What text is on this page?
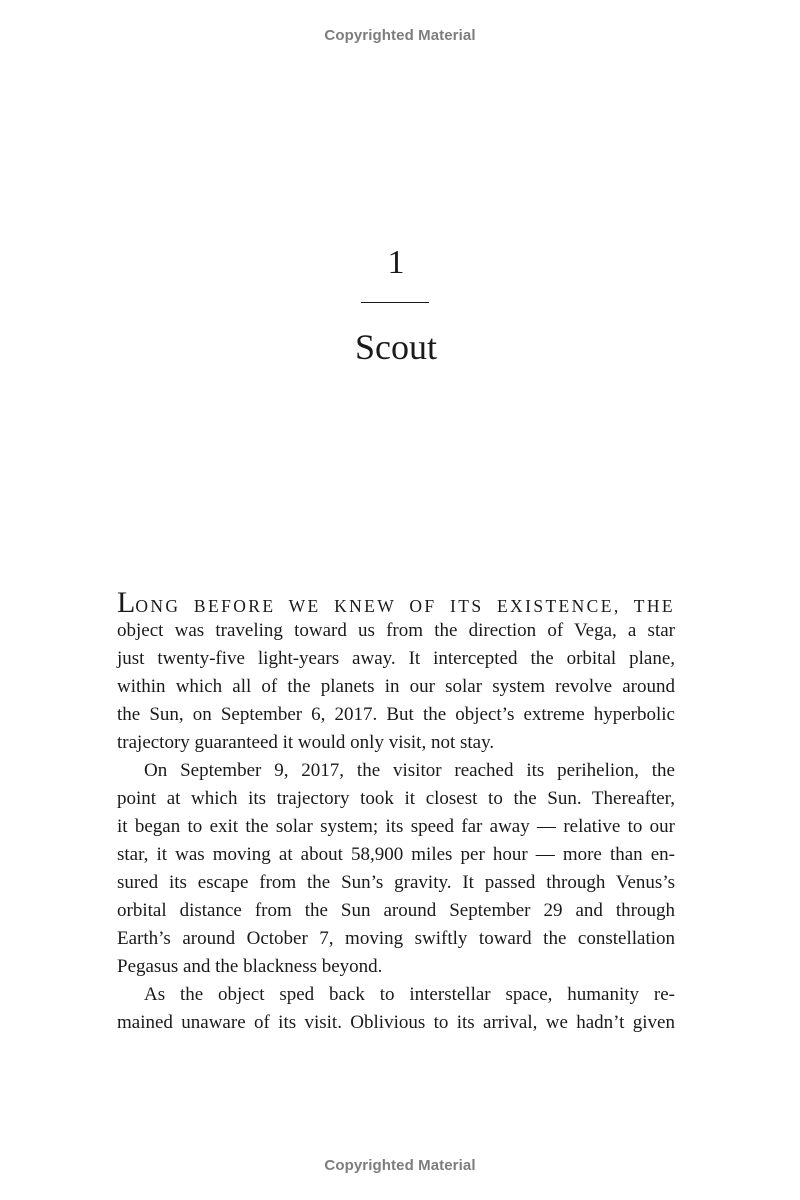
Copyrighted Material
1
Scout
LONG BEFORE WE KNEW OF ITS EXISTENCE, THE
object was traveling toward us from the direction of Vega, a star
just twenty-five light-years away. It intercepted the orbital plane,
within which all of the planets in our solar system revolve around
the Sun, on September 6, 2017. But the object’s extreme hyperbolic
trajectory guaranteed it would only visit, not stay.
On September 9, 2017, the visitor reached its perihelion, the
point at which its trajectory took it closest to the Sun. Thereafter,
it began to exit the solar system; its speed far away — relative to our
star, it was moving at about 58,900 miles per hour — more than en-
sured its escape from the Sun’s gravity. It passed through Venus’s
orbital distance from the Sun around September 29 and through
Earth’s around October 7, moving swiftly toward the constellation
Pegasus and the blackness beyond.
As the object sped back to interstellar space, humanity re-
mained unaware of its visit. Oblivious to its arrival, we hadn’t given
Copyrighted Material
